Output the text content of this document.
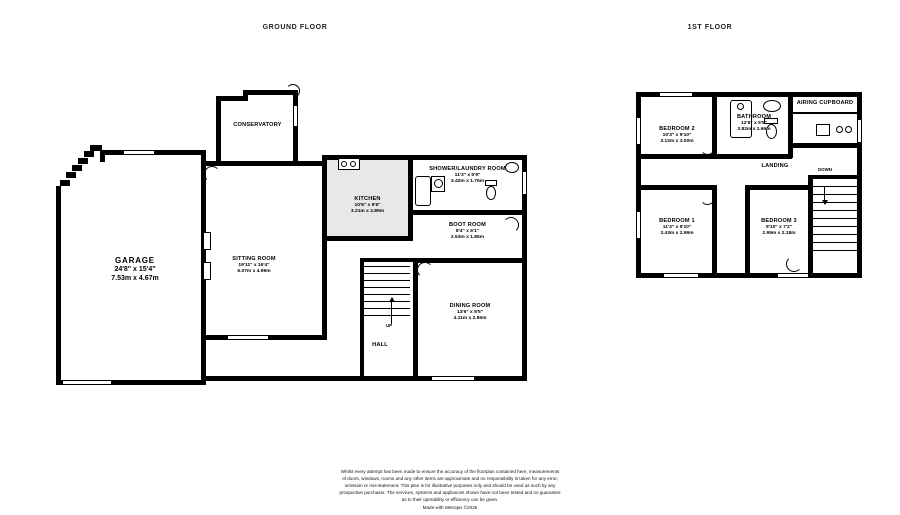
GROUND FLOOR	1ST FLOOR
GARAGE
24'8" x 15'4"
7.53m x 4.67m
CONSERVATORY
KITCHEN
10'6" x 9'6"
3.21m x 2.89m
SITTING ROOM
19'11" x 16'4"
6.07m x 4.99m
SHOWER/LAUNDRY ROOM
11'3" x 5'9"
3.42m x 1.76m
BOOT ROOM
8'4" x 6'1"
2.53m x 1.85m
DINING ROOM
13'6" x 8'5"
4.11m x 2.56m
UP
HALL
BEDROOM 2
10'3" x 9'10"
3.12m x 3.00m
BATHROOM
12'6" x 5'5"
3.82m x 1.66m
AIRING CUPBOARD
LANDING
DOWN
BEDROOM 1
11'3" x 9'10"
3.43m x 2.99m
BEDROOM 3
9'10" x 7'2"
2.99m x 2.18m
Whilst every attempt has been made to ensure the accuracy of the floorplan contained here, measurements
of doors, windows, rooms and any other items are approximate and no responsibility is taken for any error,
omission or mis-statement. This plan is for illustrative purposes only and should be used as such by any
prospective purchaser. The services, systems and appliances shown have not been tested and no guarantee
as to their operability or efficiency can be given.
Made with Metropix ©2025
